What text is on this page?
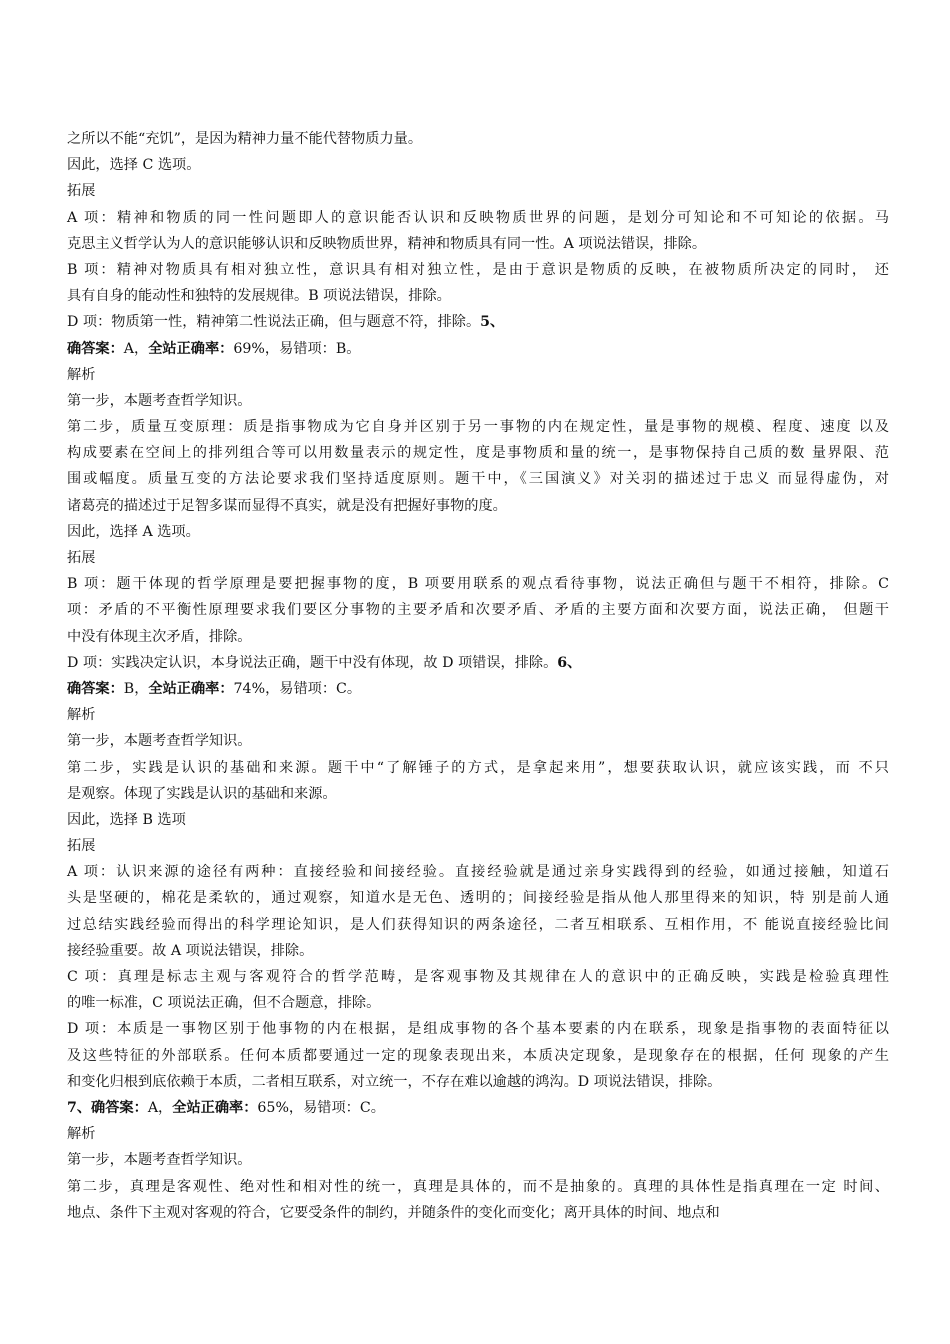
之所以不能“充饥”，是因为精神力量不能代替物质力量。
因此，选择 C 选项。
拓展
A 项：精神和物质的同一性问题即人的意识能否认识和反映物质世界的问题，是划分可知论和不可知论的依据。马
克思主义哲学认为人的意识能够认识和反映物质世界，精神和物质具有同一性。A 项说法错误，排除。
B 项：精神对物质具有相对独立性，意识具有相对独立性，是由于意识是物质的反映，在被物质所决定的同时， 还
具有自身的能动性和独特的发展规律。B 项说法错误，排除。
D 项：物质第一性，精神第二性说法正确，但与题意不符，排除。5、
确答案：A，全站正确率：69%，易错项：B。
解析
第一步，本题考查哲学知识。
第二步，质量互变原理：质是指事物成为它自身并区别于另一事物的内在规定性，量是事物的规模、程度、速度 以及
构成要素在空间上的排列组合等可以用数量表示的规定性，度是事物质和量的统一，是事物保持自己质的数 量界限、范
围或幅度。质量互变的方法论要求我们坚持适度原则。题干中，《三国演义》对关羽的描述过于忠义 而显得虚伪，对
诸葛亮的描述过于足智多谋而显得不真实，就是没有把握好事物的度。
因此，选择 A 选项。
拓展
B 项：题干体现的哲学原理是要把握事物的度，B 项要用联系的观点看待事物，说法正确但与题干不相符，排除。C
项：矛盾的不平衡性原理要求我们要区分事物的主要矛盾和次要矛盾、矛盾的主要方面和次要方面，说法正确， 但题干
中没有体现主次矛盾，排除。
D 项：实践决定认识，本身说法正确，题干中没有体现，故 D 项错误，排除。6、
确答案：B，全站正确率：74%，易错项：C。
解析
第一步，本题考查哲学知识。
第二步，实践是认识的基础和来源。题干中“了解锤子的方式，是拿起来用”，想要获取认识，就应该实践，而 不只
是观察。体现了实践是认识的基础和来源。
因此，选择 B 选项
拓展
A 项：认识来源的途径有两种：直接经验和间接经验。直接经验就是通过亲身实践得到的经验，如通过接触，知道石
头是坚硬的，棉花是柔软的，通过观察，知道水是无色、透明的；间接经验是指从他人那里得来的知识，特 别是前人通
过总结实践经验而得出的科学理论知识，是人们获得知识的两条途径，二者互相联系、互相作用，不 能说直接经验比间
接经验重要。故 A 项说法错误，排除。
C 项：真理是标志主观与客观符合的哲学范畴，是客观事物及其规律在人的意识中的正确反映，实践是检验真理性
的唯一标准，C 项说法正确，但不合题意，排除。
D 项：本质是一事物区别于他事物的内在根据，是组成事物的各个基本要素的内在联系，现象是指事物的表面特征以
及这些特征的外部联系。任何本质都要通过一定的现象表现出来，本质决定现象，是现象存在的根据，任何 现象的产生
和变化归根到底依赖于本质，二者相互联系，对立统一，不存在难以逾越的鸿沟。D 项说法错误，排除。
7、确答案：A，全站正确率：65%，易错项：C。
解析
第一步，本题考查哲学知识。
第二步，真理是客观性、绝对性和相对性的统一，真理是具体的，而不是抽象的。真理的具体性是指真理在一定 时间、
地点、条件下主观对客观的符合，它要受条件的制约，并随条件的变化而变化；离开具体的时间、地点和
